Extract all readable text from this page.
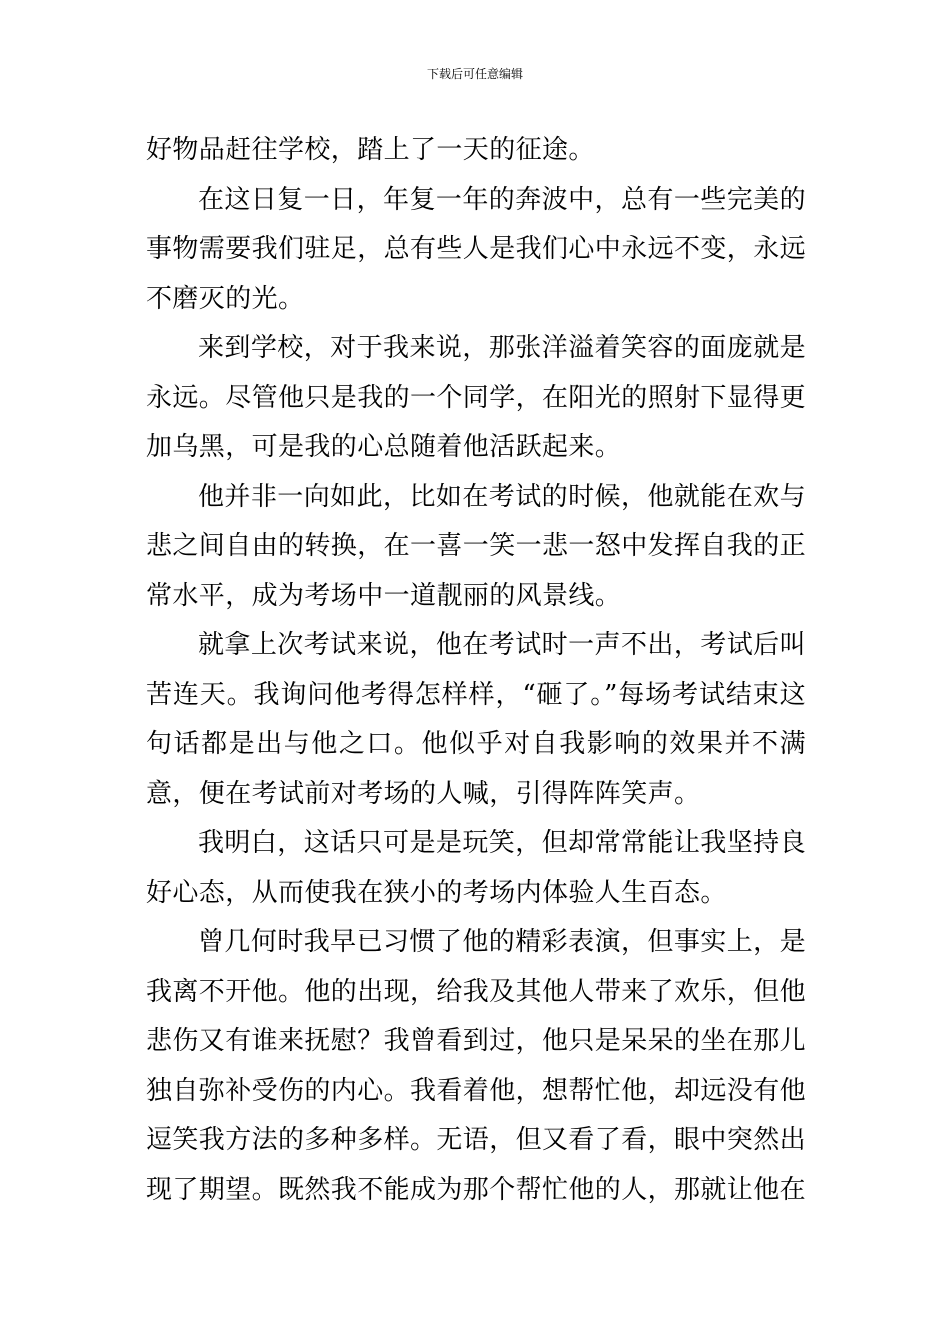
下载后可任意编辑

好物品赶往学校，踏上了一天的征途。

在这日复一日，年复一年的奔波中，总有一些完美的事物需要我们驻足，总有些人是我们心中永远不变，永远不磨灭的光。

来到学校，对于我来说，那张洋溢着笑容的面庞就是永远。尽管他只是我的一个同学，在阳光的照射下显得更加乌黑，可是我的心总随着他活跃起来。

他并非一向如此，比如在考试的时候，他就能在欢与悲之间自由的转换，在一喜一笑一悲一怒中发挥自我的正常水平，成为考场中一道靓丽的风景线。

就拿上次考试来说，他在考试时一声不出，考试后叫苦连天。我询问他考得怎样样，“砸了。”每场考试结束这句话都是出与他之口。他似乎对自我影响的效果并不满意，便在考试前对考场的人喊，引得阵阵笑声。

我明白，这话只可是是玩笑，但却常常能让我坚持良好心态，从而使我在狭小的考场内体验人生百态。

曾几何时我早已习惯了他的精彩表演，但事实上，是我离不开他。他的出现，给我及其他人带来了欢乐，但他悲伤又有谁来抚慰？我曾看到过，他只是呆呆的坐在那儿独自弥补受伤的内心。我看着他，想帮忙他，却远没有他逗笑我方法的多种多样。无语，但又看了看，眼中突然出现了期望。既然我不能成为那个帮忙他的人，那就让他在
